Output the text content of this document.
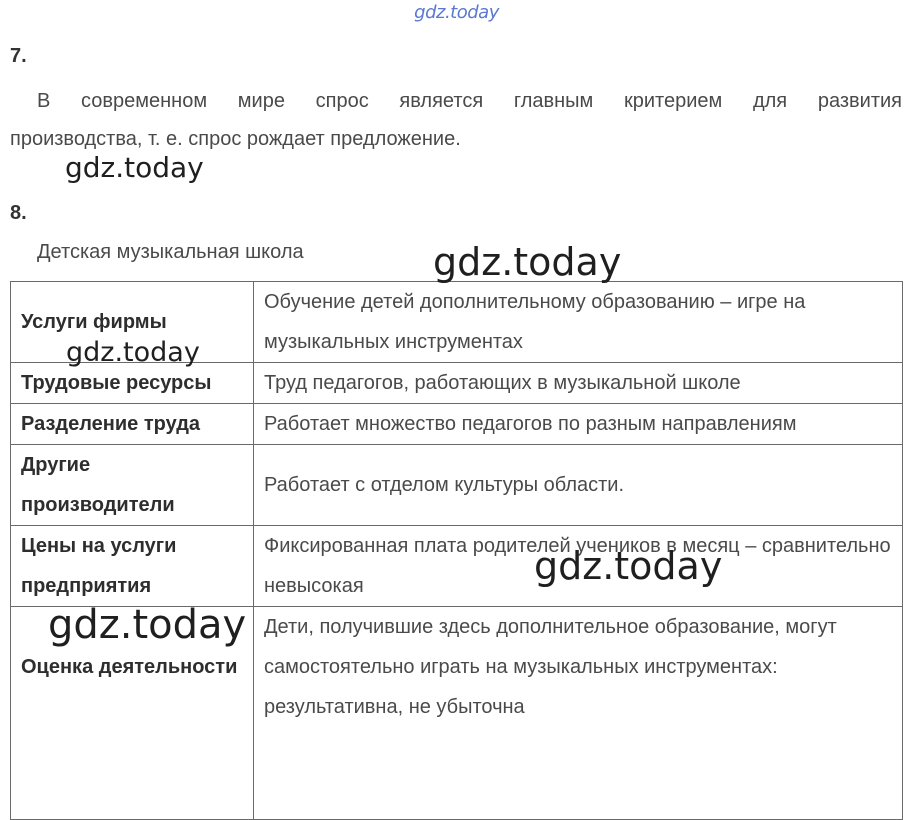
gdz.today
7.

В современном мире спрос является главным критерием для развития
производства, т. е. спрос рождает предложение.

8.
Детская музыкальная школа
Услуги фирмы	Обучение детей дополнительному образованию – игре на музыкальных инструментах
Трудовые ресурсы	Труд педагогов, работающих в музыкальной школе
Разделение труда	Работает множество педагогов по разным направлениям
Другие производители	Работает с отделом культуры области.
Цены на услуги предприятия	Фиксированная плата родителей учеников в месяц – сравнительно невысокая
Оценка деятельности	Дети, получившие здесь дополнительное образование, могут самостоятельно играть на музыкальных инструментах: результативна, не убыточна
gdz.today
gdz.today
gdz.today
gdz.today
gdz.today
